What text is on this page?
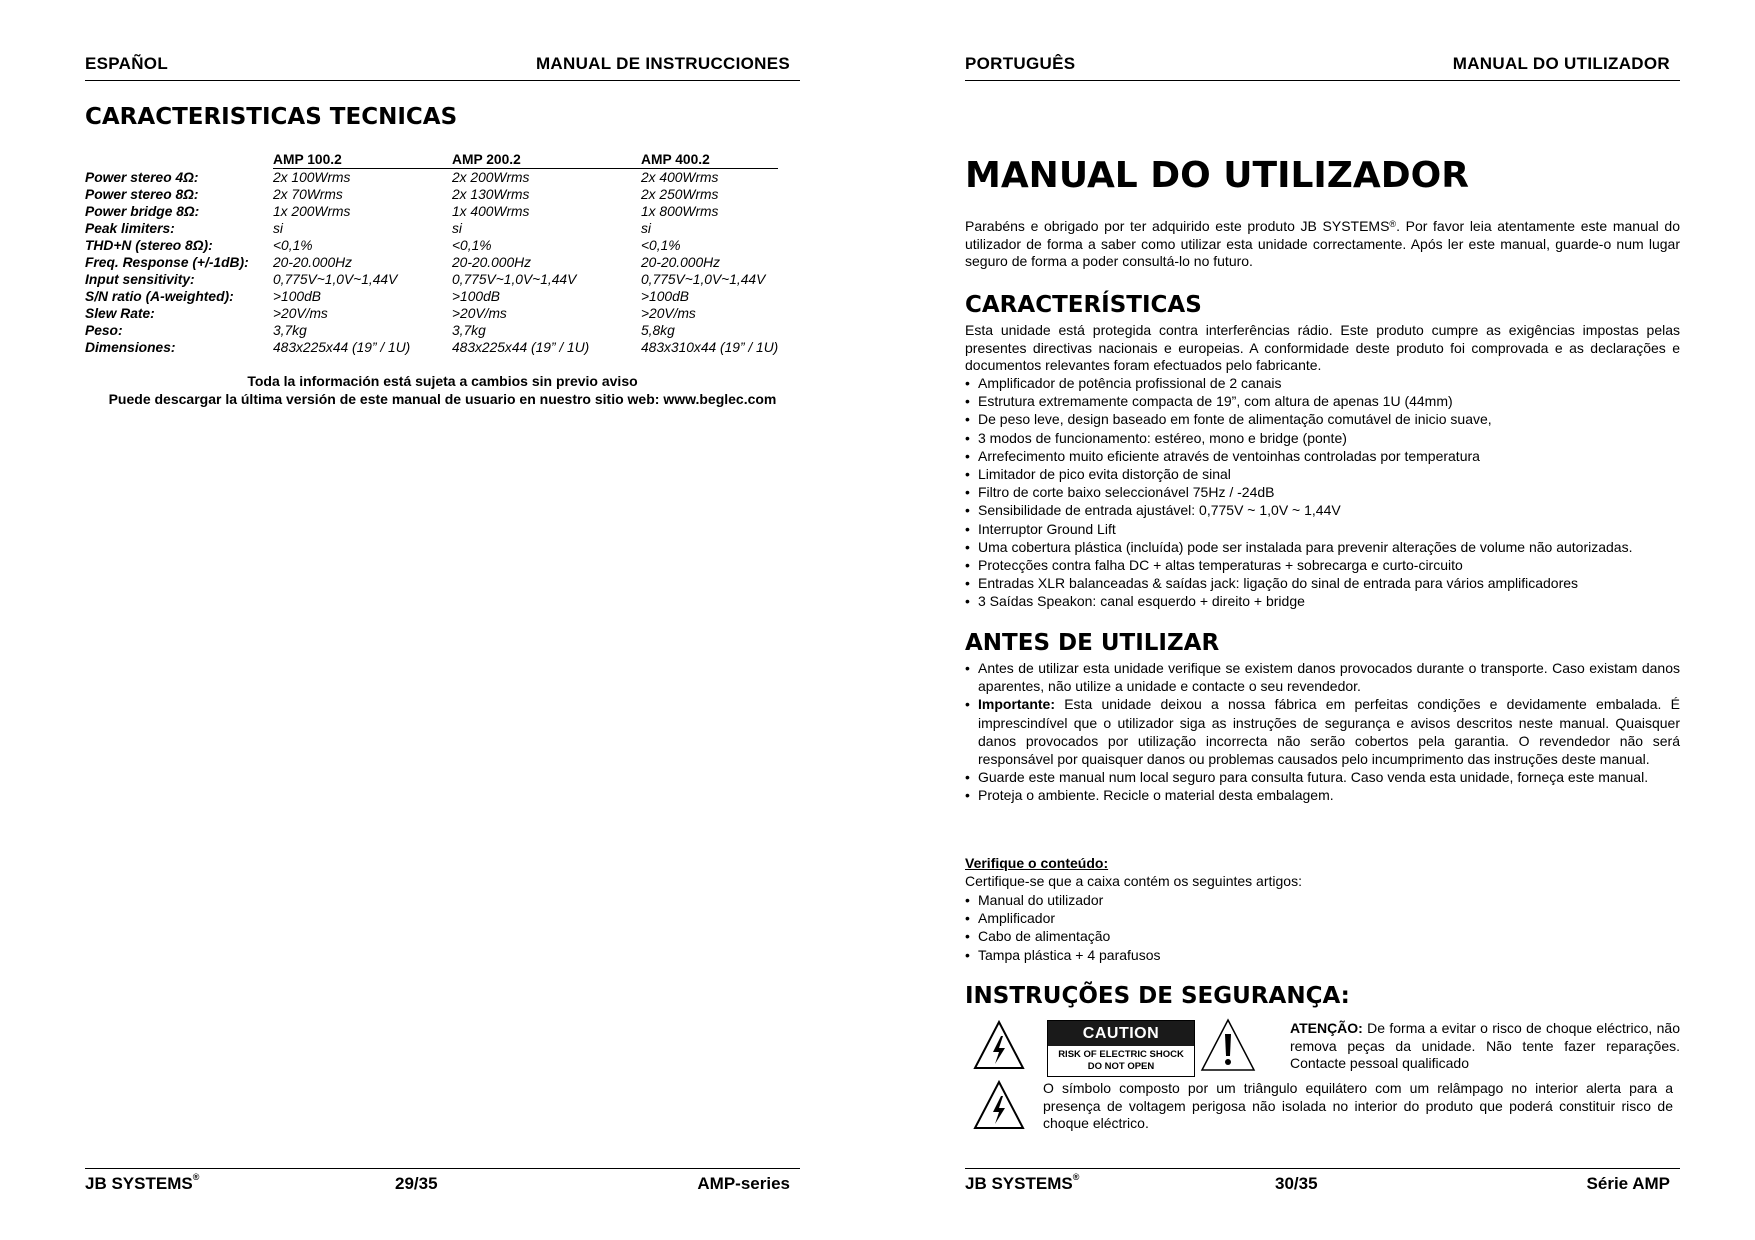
ESPAÑOL	MANUAL DE INSTRUCCIONES
CARACTERISTICAS TECNICAS
	AMP 100.2	AMP 200.2	AMP 400.2
Power stereo 4Ω:	2x 100Wrms	2x 200Wrms	2x 400Wrms
Power stereo 8Ω:	2x 70Wrms	2x 130Wrms	2x 250Wrms
Power bridge 8Ω:	1x 200Wrms	1x 400Wrms	1x 800Wrms
Peak limiters:	si	si	si
THD+N (stereo 8Ω):	<0,1%	<0,1%	<0,1%
Freq. Response (+/-1dB):	20-20.000Hz	20-20.000Hz	20-20.000Hz
Input sensitivity:	0,775V~1,0V~1,44V	0,775V~1,0V~1,44V	0,775V~1,0V~1,44V
S/N ratio (A-weighted):	>100dB	>100dB	>100dB
Slew Rate:	>20V/ms	>20V/ms	>20V/ms
Peso:	3,7kg	3,7kg	5,8kg
Dimensiones:	483x225x44 (19” / 1U)	483x225x44 (19” / 1U)	483x310x44 (19” / 1U)
Toda la información está sujeta a cambios sin previo aviso
Puede descargar la última versión de este manual de usuario en nuestro sitio web: www.beglec.com
JB SYSTEMS®	29/35	AMP-series
PORTUGUÊS	MANUAL DO UTILIZADOR
MANUAL DO UTILIZADOR
Parabéns e obrigado por ter adquirido este produto JB SYSTEMS®. Por favor leia atentamente este manual do utilizador de forma a saber como utilizar esta unidade correctamente. Após ler este manual, guarde-o num lugar seguro de forma a poder consultá-lo no futuro.
CARACTERÍSTICAS
Esta unidade está protegida contra interferências rádio. Este produto cumpre as exigências impostas pelas presentes directivas nacionais e europeias. A conformidade deste produto foi comprovada e as declarações e documentos relevantes foram efectuados pelo fabricante.
• Amplificador de potência profissional de 2 canais
• Estrutura extremamente compacta de 19”, com altura de apenas 1U (44mm)
• De peso leve, design baseado em fonte de alimentação comutável de inicio suave,
• 3 modos de funcionamento: estéreo, mono e bridge (ponte)
• Arrefecimento muito eficiente através de ventoinhas controladas por temperatura
• Limitador de pico evita distorção de sinal
• Filtro de corte baixo seleccionável 75Hz / -24dB
• Sensibilidade de entrada ajustável: 0,775V ~ 1,0V ~ 1,44V
• Interruptor Ground Lift
• Uma cobertura plástica (incluída) pode ser instalada para prevenir alterações de volume não autorizadas.
• Protecções contra falha DC + altas temperaturas + sobrecarga e curto-circuito
• Entradas XLR balanceadas & saídas jack: ligação do sinal de entrada para vários amplificadores
• 3 Saídas Speakon: canal esquerdo + direito + bridge
ANTES DE UTILIZAR
• Antes de utilizar esta unidade verifique se existem danos provocados durante o transporte. Caso existam danos aparentes, não utilize a unidade e contacte o seu revendedor.
• Importante: Esta unidade deixou a nossa fábrica em perfeitas condições e devidamente embalada. É imprescindível que o utilizador siga as instruções de segurança e avisos descritos neste manual. Quaisquer danos provocados por utilização incorrecta não serão cobertos pela garantia. O revendedor não será responsável por quaisquer danos ou problemas causados pelo incumprimento das instruções deste manual.
• Guarde este manual num local seguro para consulta futura. Caso venda esta unidade, forneça este manual.
• Proteja o ambiente. Recicle o material desta embalagem.
Verifique o conteúdo:
Certifique-se que a caixa contém os seguintes artigos:
• Manual do utilizador
• Amplificador
• Cabo de alimentação
• Tampa plástica + 4 parafusos
INSTRUÇÕES DE SEGURANÇA:
CAUTION
RISK OF ELECTRIC SHOCK
DO NOT OPEN
ATENÇÃO: De forma a evitar o risco de choque eléctrico, não remova peças da unidade. Não tente fazer reparações. Contacte pessoal qualificado
O símbolo composto por um triângulo equilátero com um relâmpago no interior alerta para a presença de voltagem perigosa não isolada no interior do produto que poderá constituir risco de choque eléctrico.
JB SYSTEMS®	30/35	Série AMP
